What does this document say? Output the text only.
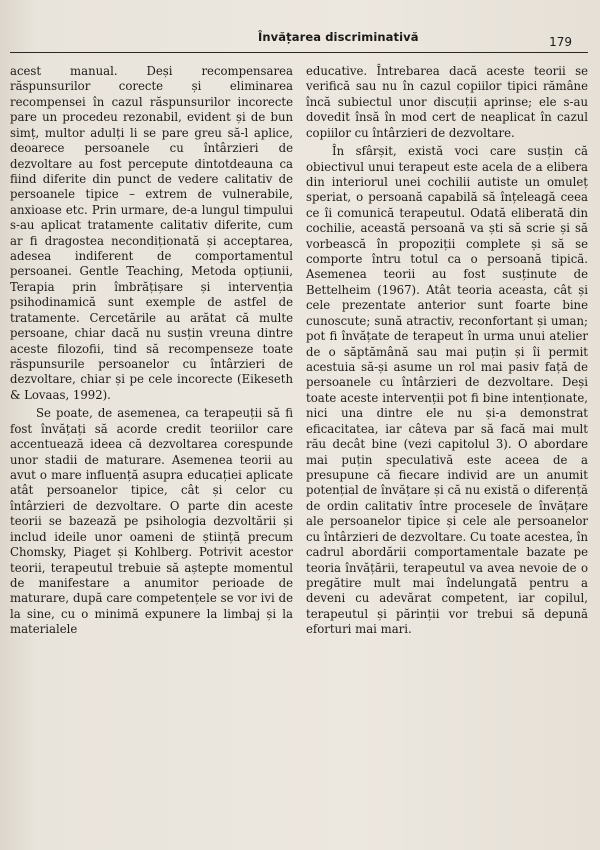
Învățarea discriminativă	179

acest manual. Deși recompensarea răspunsurilor corecte și eliminarea recompensei în cazul răspunsurilor incorecte pare un procedeu rezonabil, evident și de bun simț, multor adulți li se pare greu să-l aplice, deoarece persoanele cu întârzieri de dezvoltare au fost percepute dintotdeauna ca fiind diferite din punct de vedere calitativ de persoanele tipice – extrem de vulnerabile, anxioase etc. Prin urmare, de-a lungul timpului s-au aplicat tratamente calitativ diferite, cum ar fi dragostea necondiționată și acceptarea, adesea indiferent de comportamentul persoanei. Gentle Teaching, Metoda opțiunii, Terapia prin îmbrățișare și intervenția psihodinamică sunt exemple de astfel de tratamente. Cercetările au arătat că multe persoane, chiar dacă nu susțin vreuna dintre aceste filozofii, tind să recompenseze toate răspunsurile persoanelor cu întârzieri de dezvoltare, chiar și pe cele incorecte (Eikeseth & Lovaas, 1992).

Se poate, de asemenea, ca terapeuții să fi fost învățați să acorde credit teoriilor care accentuează ideea că dezvoltarea corespunde unor stadii de maturare. Asemenea teorii au avut o mare influență asupra educației aplicate atât persoanelor tipice, cât și celor cu întârzieri de dezvoltare. O parte din aceste teorii se bazează pe psihologia dezvoltării și includ ideile unor oameni de știință precum Chomsky, Piaget și Kohlberg. Potrivit acestor teorii, terapeutul trebuie să aștepte momentul de manifestare a anumitor perioade de maturare, după care competențele se vor ivi de la sine, cu o minimă expunere la limbaj și la materialele

educative. Întrebarea dacă aceste teorii se verifică sau nu în cazul copiilor tipici rămâne încă subiectul unor discuții aprinse; ele s-au dovedit însă în mod cert de neaplicat în cazul copiilor cu întârzieri de dezvoltare.

În sfârșit, există voci care susțin că obiectivul unui terapeut este acela de a elibera din interiorul unei cochilii autiste un omuleț speriat, o persoană capabilă să înțeleagă ceea ce îi comunică terapeutul. Odată eliberată din cochilie, această persoană va ști să scrie și să vorbească în propoziții complete și să se comporte întru totul ca o persoană tipică. Asemenea teorii au fost susținute de Bettelheim (1967). Atât teoria aceasta, cât și cele prezentate anterior sunt foarte bine cunoscute; sună atractiv, reconfortant și uman; pot fi învățate de terapeut în urma unui atelier de o săptămână sau mai puțin și îi permit acestuia să-și asume un rol mai pasiv față de persoanele cu întârzieri de dezvoltare. Deși toate aceste intervenții pot fi bine intenționate, nici una dintre ele nu și-a demonstrat eficacitatea, iar câteva par să facă mai mult rău decât bine (vezi capitolul 3). O abordare mai puțin speculativă este aceea de a presupune că fiecare individ are un anumit potențial de învățare și că nu există o diferență de ordin calitativ între procesele de învățare ale persoanelor tipice și cele ale persoanelor cu întârzieri de dezvoltare. Cu toate acestea, în cadrul abordării comportamentale bazate pe teoria învățării, terapeutul va avea nevoie de o pregătire mult mai îndelungată pentru a deveni cu adevărat competent, iar copilul, terapeutul și părinții vor trebui să depună eforturi mai mari.
